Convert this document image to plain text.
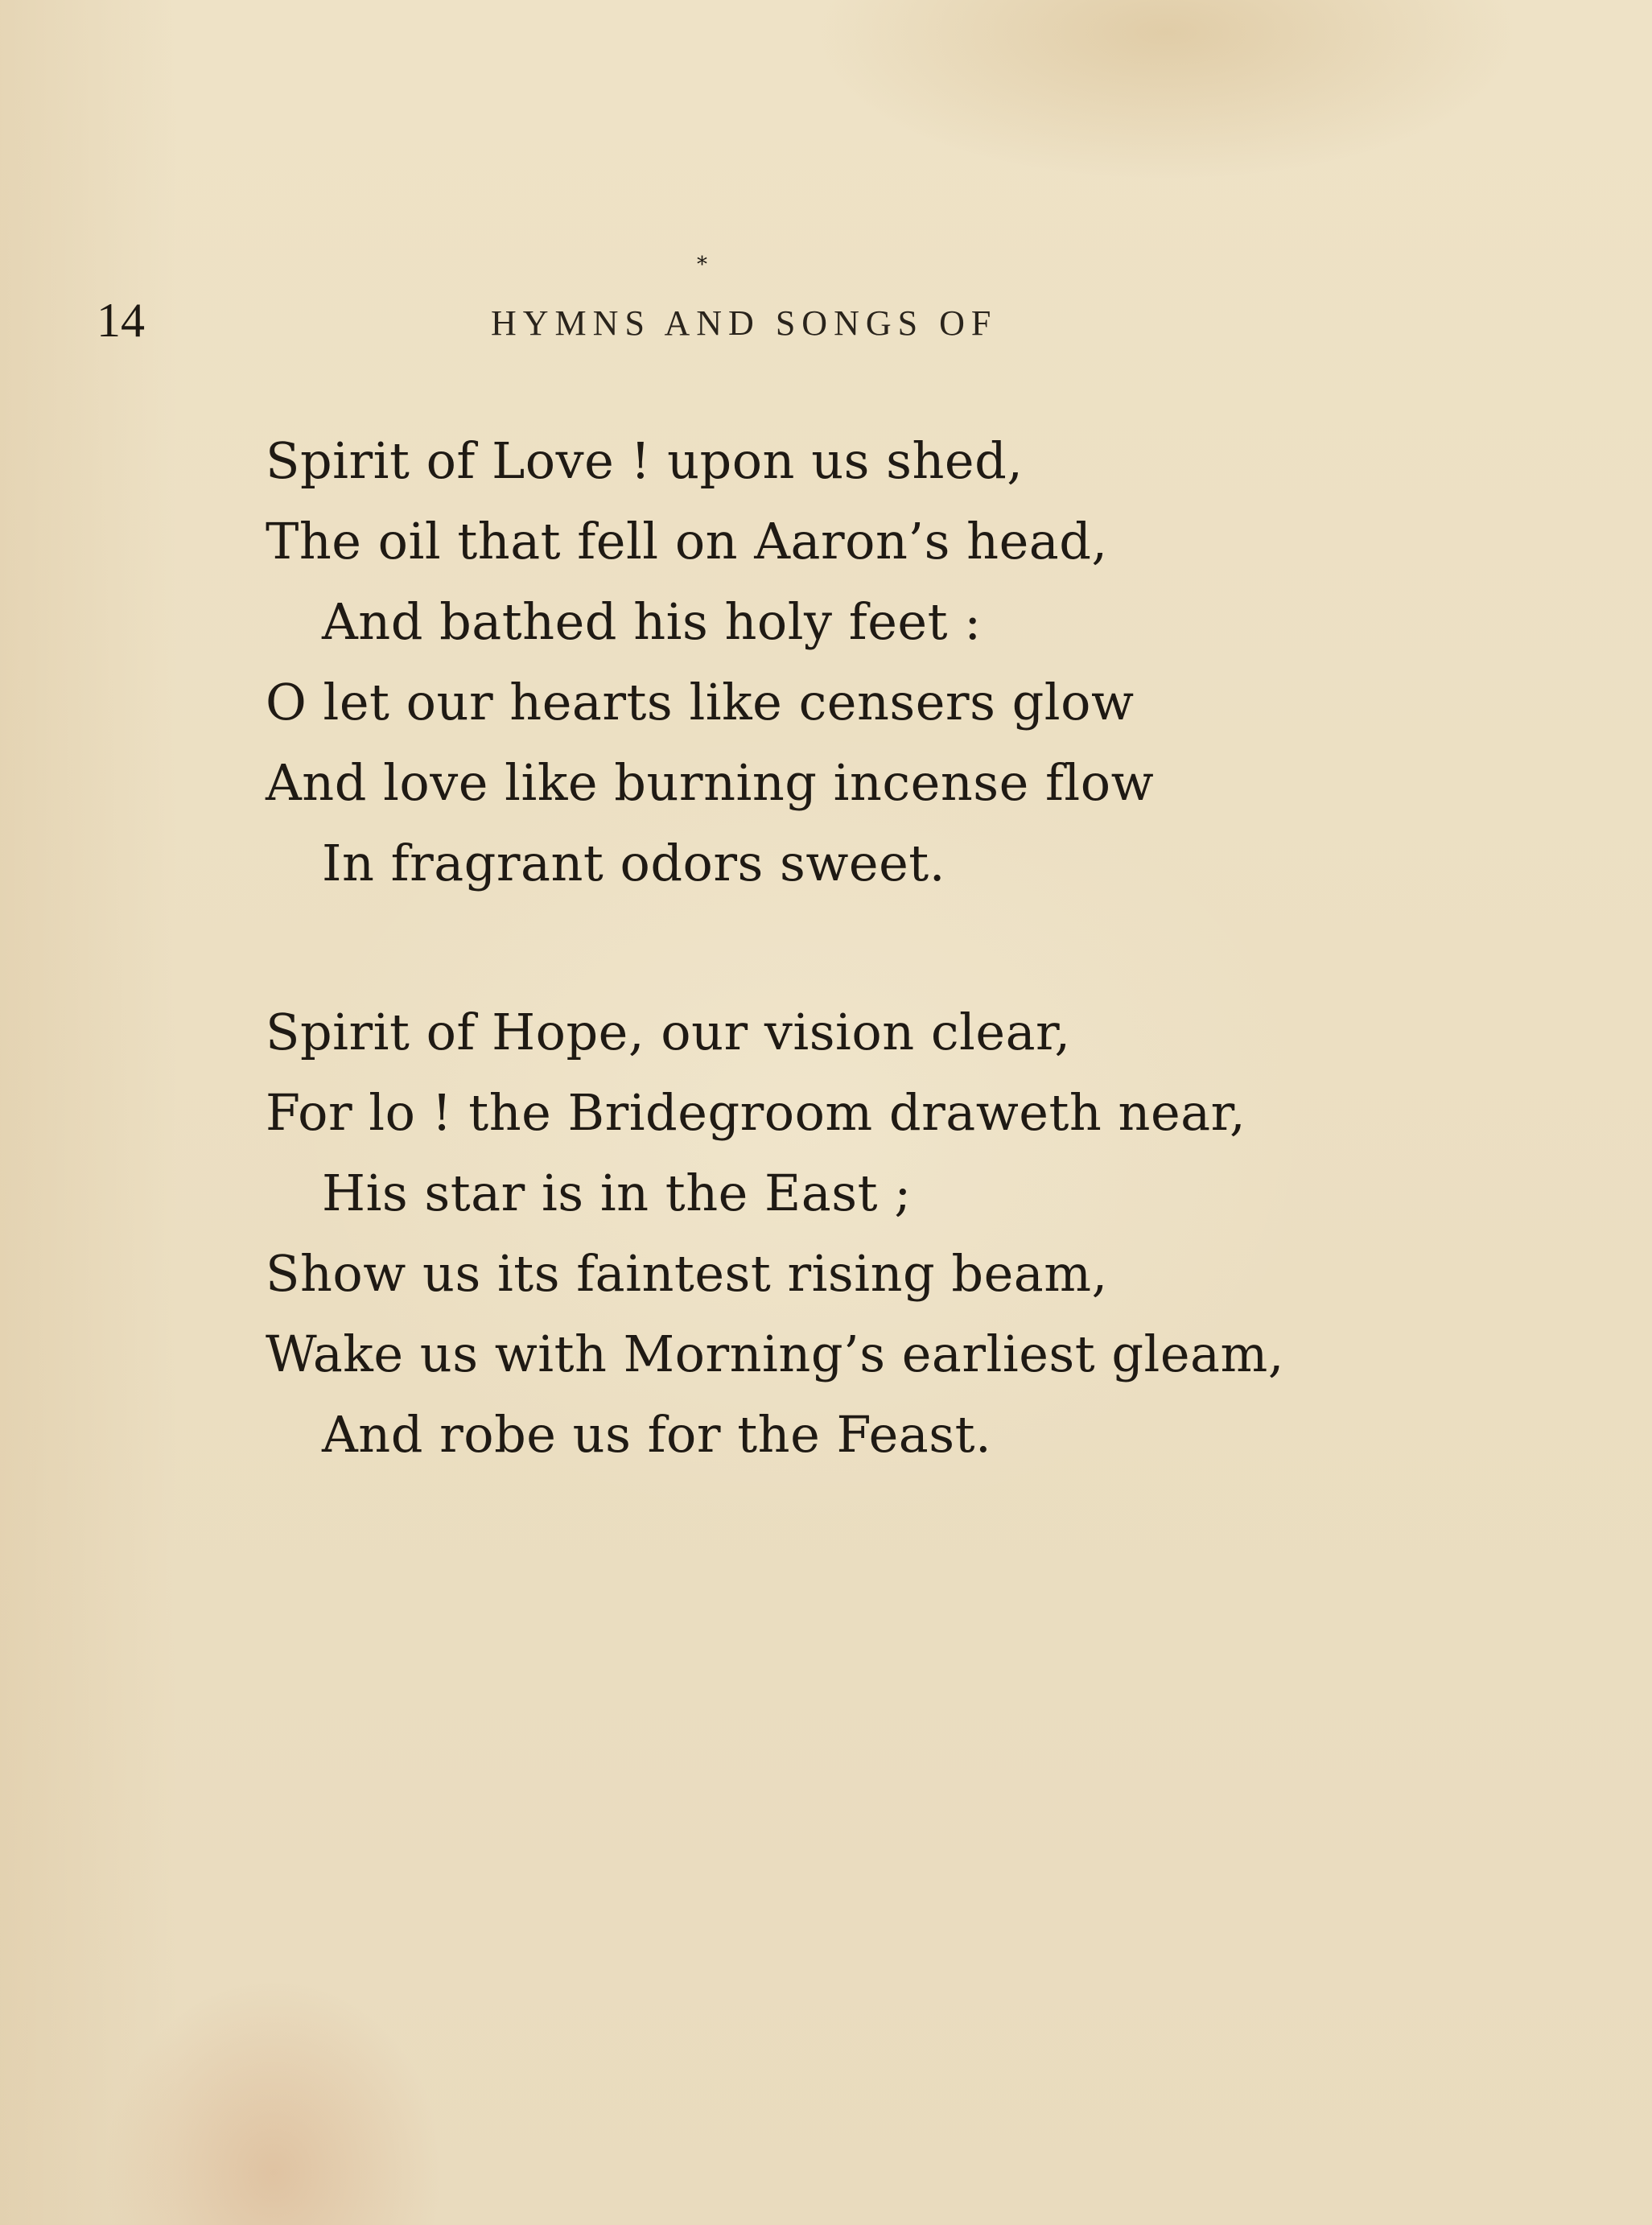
*
14	HYMNS AND SONGS OF
Spirit of Love ! upon us shed,
The oil that fell on Aaron’s head,
And bathed his holy feet :
O let our hearts like censers glow
And love like burning incense flow
In fragrant odors sweet.
Spirit of Hope, our vision clear,
For lo ! the Bridegroom draweth near,
His star is in the East ;
Show us its faintest rising beam,
Wake us with Morning’s earliest gleam,
And robe us for the Feast.
